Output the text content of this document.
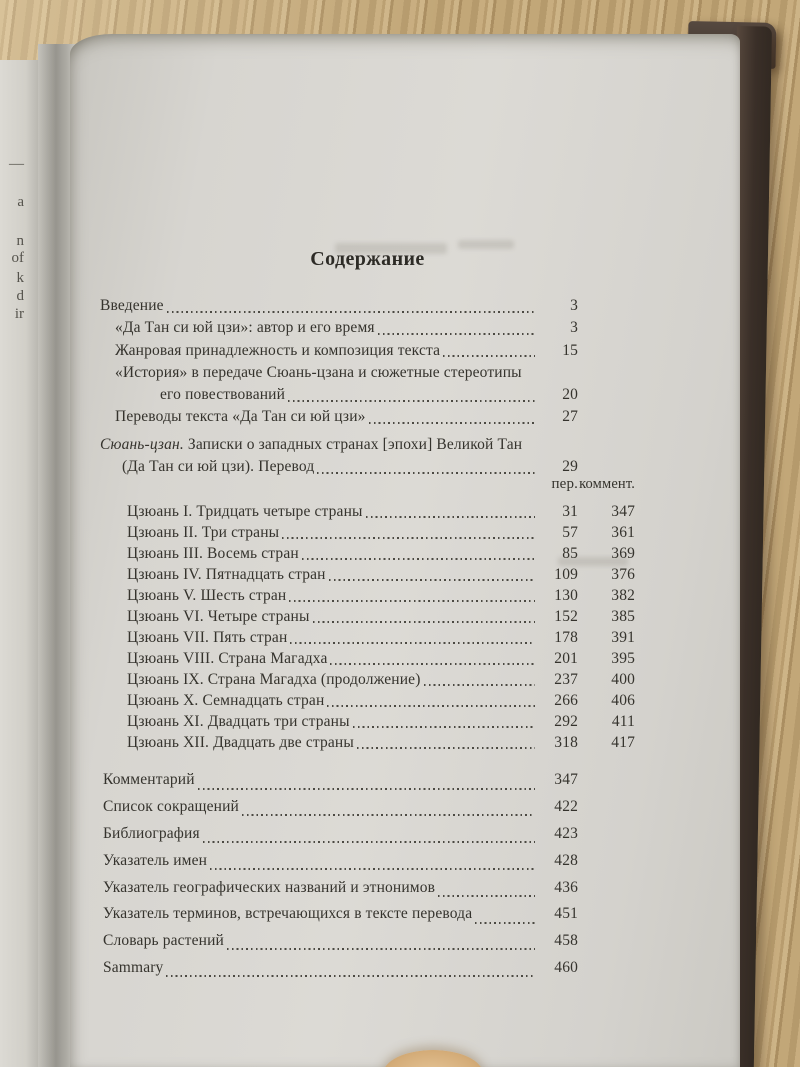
—
a
n
of
k
d
ir
Содержание
Введение	3
«Да Тан си юй цзи»: автор и его время	3
Жанровая принадлежность и композиция текста	15
«История» в передаче Сюань-цзана и сюжетные стереотипы
его повествований	20
Переводы текста «Да Тан си юй цзи»	27
Сюань-цзан. Записки о западных странах [эпохи] Великой Тан
(Да Тан си юй цзи). Перевод	29
пер. коммент.
Цзюань I. Тридцать четыре страны	31	347
Цзюань II. Три страны	57	361
Цзюань III. Восемь стран	85	369
Цзюань IV. Пятнадцать стран	109	376
Цзюань V. Шесть стран	130	382
Цзюань VI. Четыре страны	152	385
Цзюань VII. Пять стран	178	391
Цзюань VIII. Страна Магадха	201	395
Цзюань IX. Страна Магадха (продолжение)	237	400
Цзюань X. Семнадцать стран	266	406
Цзюань XI. Двадцать три страны	292	411
Цзюань XII. Двадцать две страны	318	417
Комментарий	347
Список сокращений	422
Библиография	423
Указатель имен	428
Указатель географических названий и этнонимов	436
Указатель терминов, встречающихся в тексте перевода	451
Словарь растений	458
Sammary	460
